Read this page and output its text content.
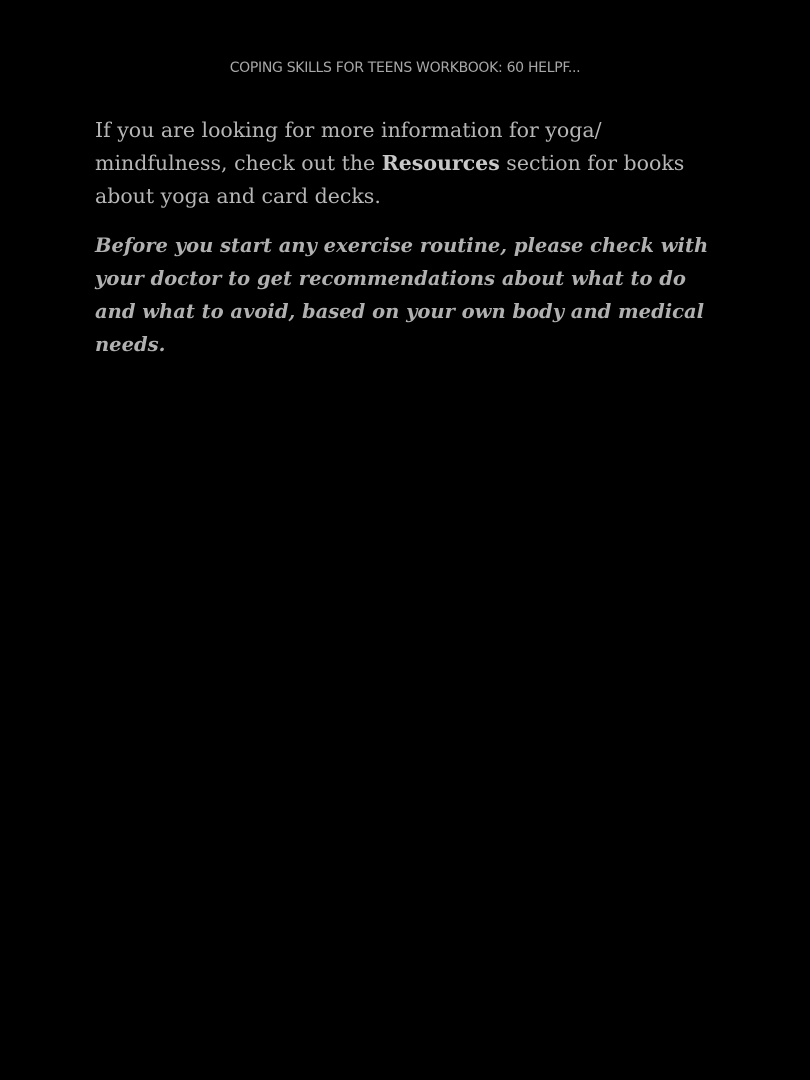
COPING SKILLS FOR TEENS WORKBOOK: 60 HELPF...

If you are looking for more information for yoga/ mindfulness, check out the Resources section for books about yoga and card decks.

Before you start any exercise routine, please check with your doctor to get recommendations about what to do and what to avoid, based on your own body and medical needs.
